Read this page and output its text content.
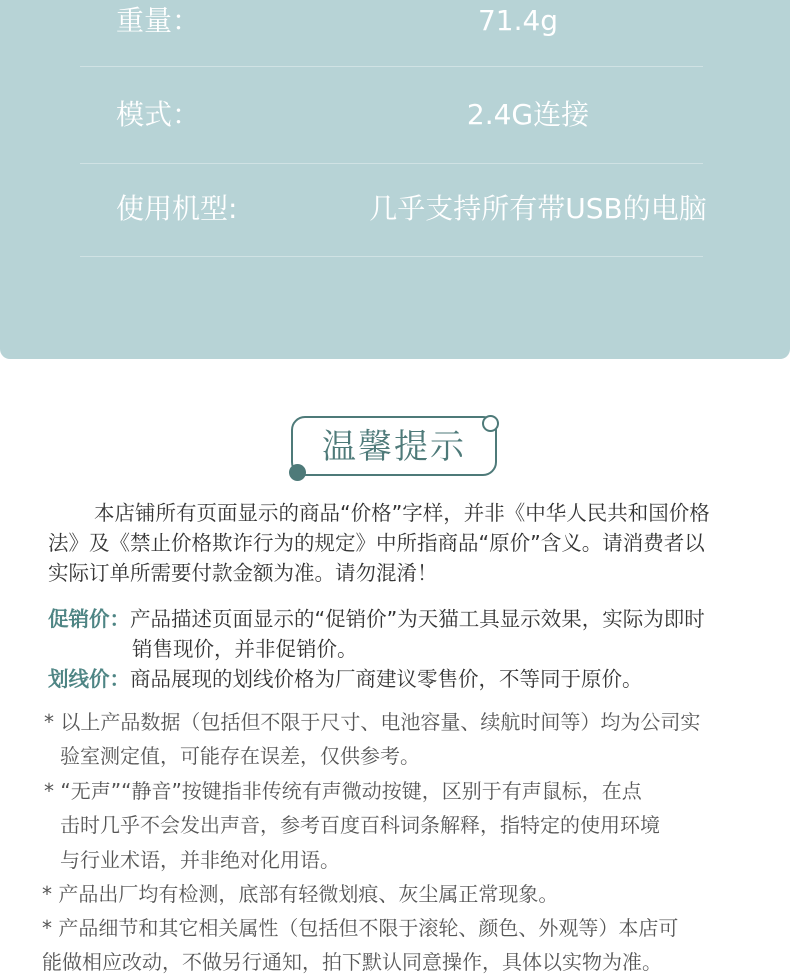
重量：	71.4g
模式：	2.4G连接
使用机型:	几乎支持所有带USB的电脑
温馨提示
本店铺所有页面显示的商品“价格”字样，并非《中华人民共和国价格
法》及《禁止价格欺诈行为的规定》中所指商品“原价”含义。请消费者以
实际订单所需要付款金额为准。请勿混淆！
促销价：产品描述页面显示的“促销价”为天猫工具显示效果，实际为即时
销售现价，并非促销价。
划线价：商品展现的划线价格为厂商建议零售价，不等同于原价。
* 以上产品数据（包括但不限于尺寸、电池容量、续航时间等）均为公司实
验室测定值，可能存在误差，仅供参考。
* “无声”“静音”按键指非传统有声微动按键，区别于有声鼠标，在点
击时几乎不会发出声音，参考百度百科词条解释，指特定的使用环境
与行业术语，并非绝对化用语。
* 产品出厂均有检测，底部有轻微划痕、灰尘属正常现象。
* 产品细节和其它相关属性（包括但不限于滚轮、颜色、外观等）本店可
能做相应改动，不做另行通知，拍下默认同意操作，具体以实物为准。
